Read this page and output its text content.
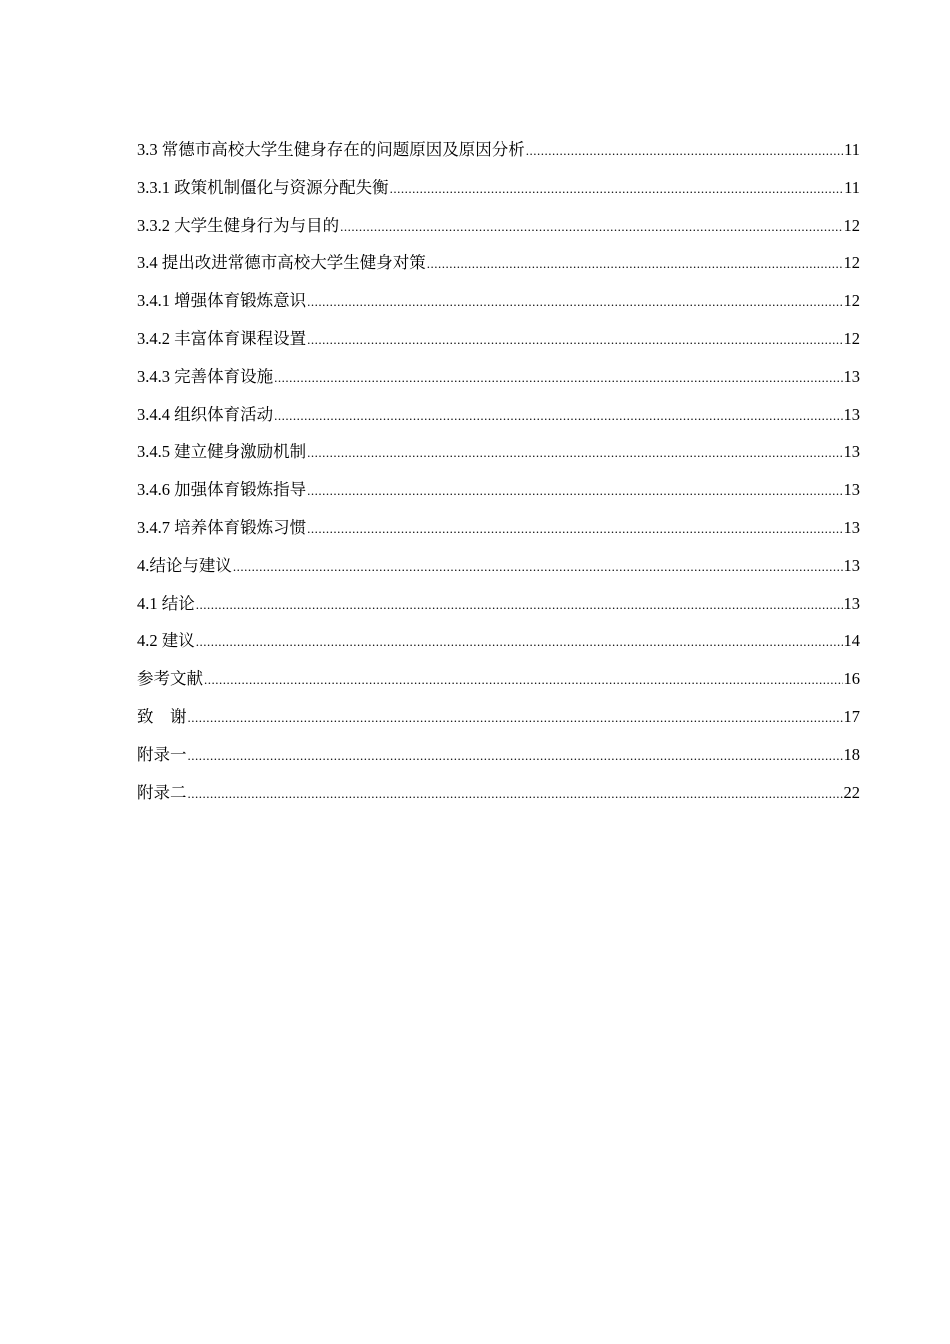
3.3 常德市高校大学生健身存在的问题原因及原因分析 .....	11
3.3.1 政策机制僵化与资源分配失衡 .....	11
3.3.2 大学生健身行为与目的 .....	12
3.4 提出改进常德市高校大学生健身对策 .....	12
3.4.1 增强体育锻炼意识 .....	12
3.4.2 丰富体育课程设置 .....	12
3.4.3 完善体育设施 .....	13
3.4.4 组织体育活动 .....	13
3.4.5 建立健身激励机制 .....	13
3.4.6 加强体育锻炼指导 .....	13
3.4.7 培养体育锻炼习惯 .....	13
4.结论与建议 .....	13
4.1 结论 .....	13
4.2 建议 .....	14
参考文献 .....	16
致　谢 .....	17
附录一 .....	18
附录二 .....	22
